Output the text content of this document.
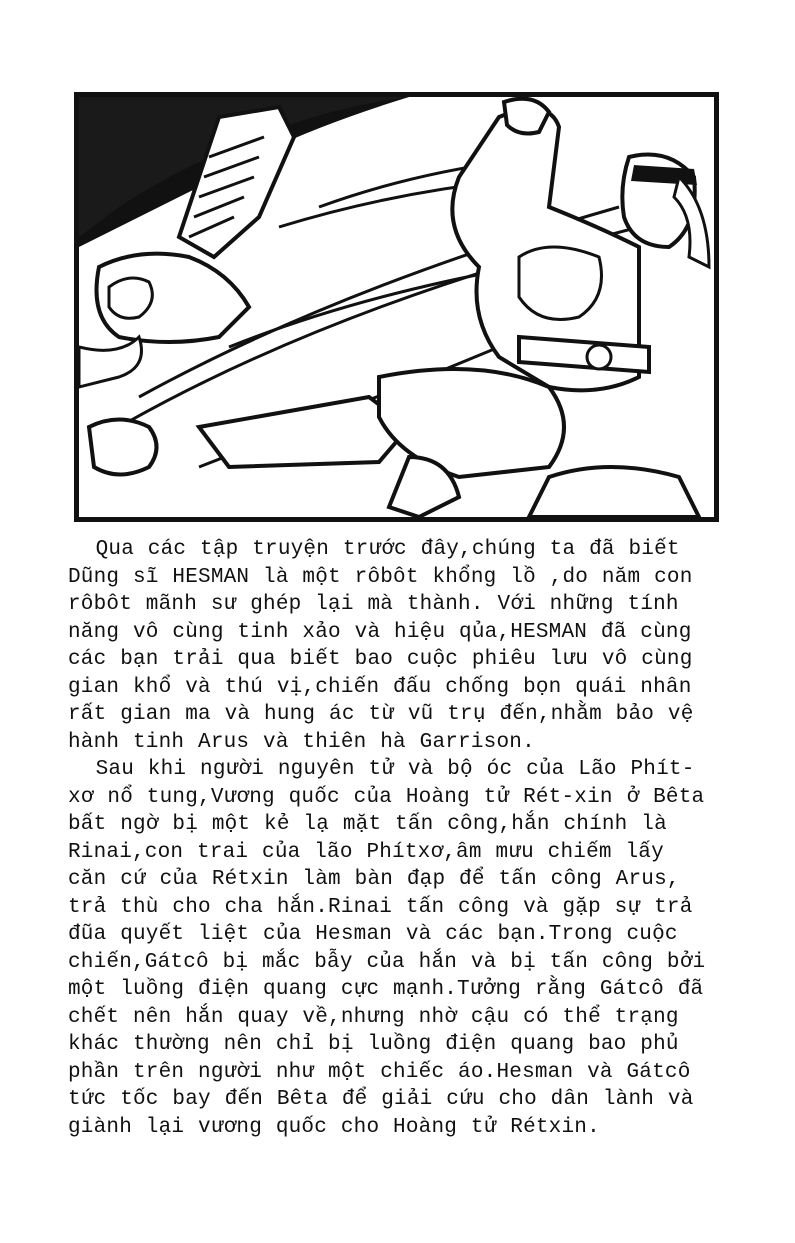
Qua các tập truyện trước đây,chúng ta đã biết
Dũng sĩ HESMAN là một rôbôt khổng lồ ,do năm con
rôbôt mãnh sư ghép lại mà thành. Với những tính
năng vô cùng tinh xảo và hiệu qủa,HESMAN đã cùng
các bạn trải qua biết bao cuộc phiêu lưu vô cùng
gian khổ và thú vị,chiến đấu chống bọn quái nhân
rất gian ma và hung ác từ vũ trụ đến,nhằm bảo vệ
hành tinh Arus và thiên hà Garrison.
Sau khi người nguyên tử và bộ óc của Lão Phít-
xơ nổ tung,Vương quốc của Hoàng tử Rét-xin ở Bêta
bất ngờ bị một kẻ lạ mặt tấn công,hắn chính là
Rinai,con trai của lão Phítxơ,âm mưu chiếm lấy
căn cứ của Rétxin làm bàn đạp để tấn công Arus,
trả thù cho cha hắn.Rinai tấn công và gặp sự trả
đũa quyết liệt của Hesman và các bạn.Trong cuộc
chiến,Gátcô bị mắc bẫy của hắn và bị tấn công bởi
một luồng điện quang cực mạnh.Tưởng rằng Gátcô đã
chết nên hắn quay về,nhưng nhờ cậu có thể trạng
khác thường nên chỉ bị luồng điện quang bao phủ
phần trên người như một chiếc áo.Hesman và Gátcô
tức tốc bay đến Bêta để giải cứu cho dân lành và
giành lại vương quốc cho Hoàng tử Rétxin.
